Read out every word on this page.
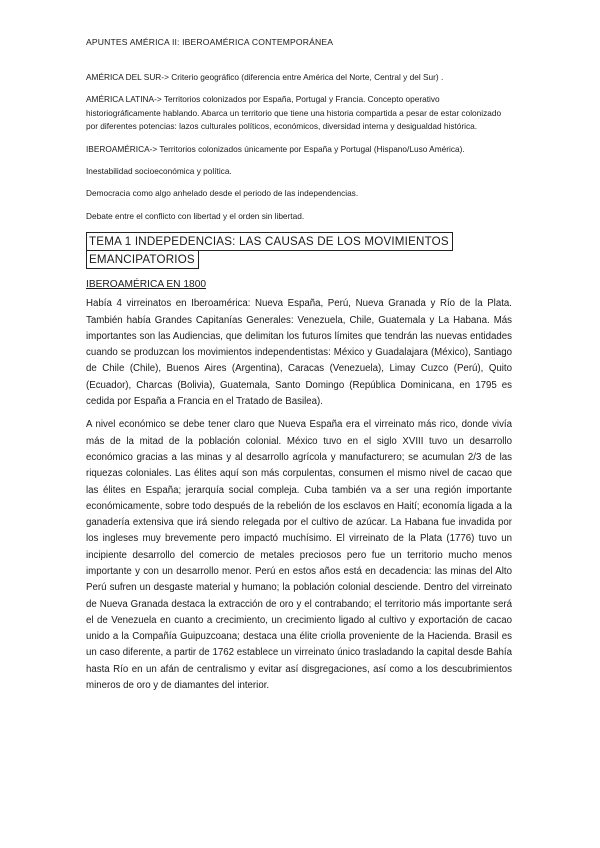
APUNTES AMÉRICA II: IBEROAMÉRICA CONTEMPORÁNEA

AMÉRICA DEL SUR-> Criterio geográfico (diferencia entre América del Norte, Central y del Sur) .

AMÉRICA LATINA-> Territorios colonizados por España, Portugal y Francia. Concepto operativo historiográficamente hablando. Abarca un territorio que tiene una historia compartida a pesar de estar colonizado por diferentes potencias: lazos culturales políticos, económicos, diversidad interna y desigualdad histórica.

IBEROAMÉRICA-> Territorios colonizados únicamente por España y Portugal (Hispano/Luso América).

Inestabilidad socioeconómica y política.

Democracia como algo anhelado desde el periodo de las independencias.

Debate entre el conflicto con libertad y el orden sin libertad.

TEMA 1 INDEPEDENCIAS: LAS CAUSAS DE LOS MOVIMIENTOS
EMANCIPATORIOS
IBEROAMÉRICA EN 1800

Había 4 virreinatos en Iberoamérica: Nueva España, Perú, Nueva Granada y Río de la Plata. También había Grandes Capitanías Generales: Venezuela, Chile, Guatemala y La Habana. Más importantes son las Audiencias, que delimitan los futuros límites que tendrán las nuevas entidades cuando se produzcan los movimientos independentistas: México y Guadalajara (México), Santiago de Chile (Chile), Buenos Aires (Argentina), Caracas (Venezuela), Limay Cuzco (Perú), Quito (Ecuador), Charcas (Bolivia), Guatemala, Santo Domingo (República Dominicana, en 1795 es cedida por España a Francia en el Tratado de Basilea).

A nivel económico se debe tener claro que Nueva España era el virreinato más rico, donde vivía más de la mitad de la población colonial. México tuvo en el siglo XVIII tuvo un desarrollo económico gracias a las minas y al desarrollo agrícola y manufacturero; se acumulan 2/3 de las riquezas coloniales. Las élites aquí son más corpulentas, consumen el mismo nivel de cacao que las élites en España; jerarquía social compleja. Cuba también va a ser una región importante económicamente, sobre todo después de la rebelión de los esclavos en Haití; economía ligada a la ganadería extensiva que irá siendo relegada por el cultivo de azúcar. La Habana fue invadida por los ingleses muy brevemente pero impactó muchísimo. El virreinato de la Plata (1776) tuvo un incipiente desarrollo del comercio de metales preciosos pero fue un territorio mucho menos importante y con un desarrollo menor. Perú en estos años está en decadencia: las minas del Alto Perú sufren un desgaste material y humano; la población colonial desciende. Dentro del virreinato de Nueva Granada destaca la extracción de oro y el contrabando; el territorio más importante será el de Venezuela en cuanto a crecimiento, un crecimiento ligado al cultivo y exportación de cacao unido a la Compañía Guipuzcoana; destaca una élite criolla proveniente de la Hacienda. Brasil es un caso diferente, a partir de 1762 establece un virreinato único trasladando la capital desde Bahía hasta Río en un afán de centralismo y evitar así disgregaciones, así como a los descubrimientos mineros de oro y de diamantes del interior.
